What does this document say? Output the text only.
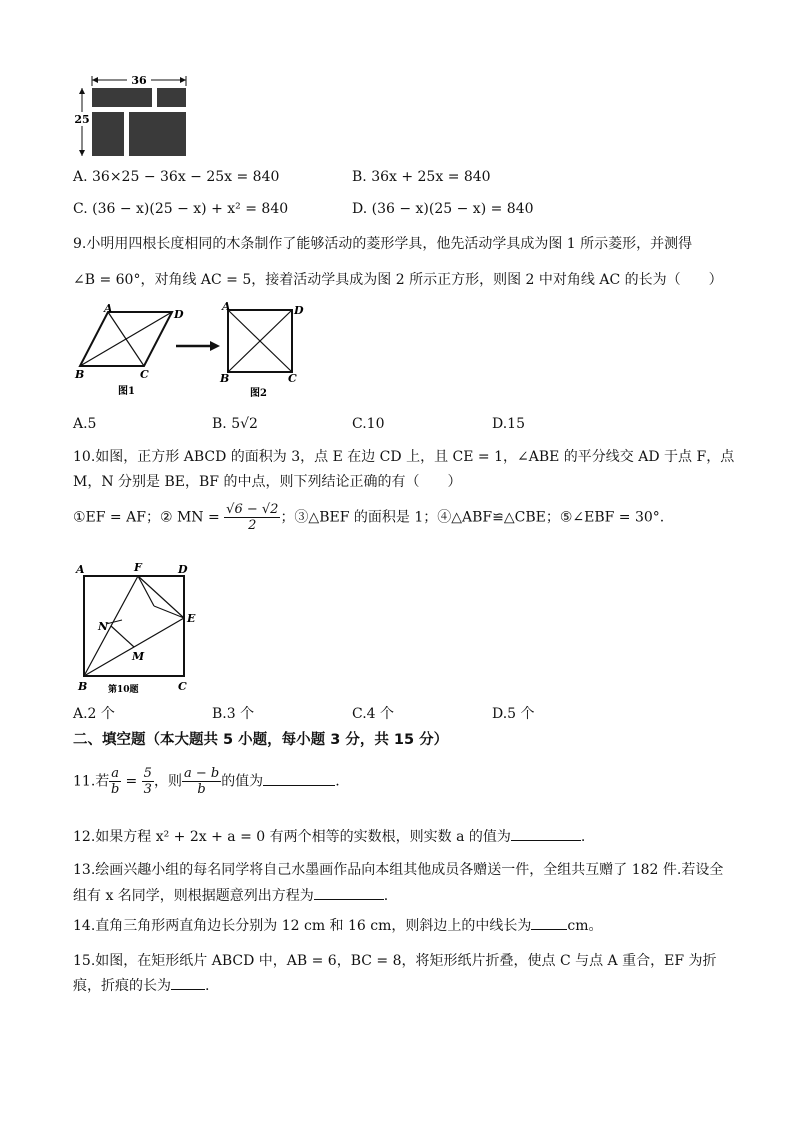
36
25
A. 36×25 − 36x − 25x = 840	B. 36x + 25x = 840
C. (36 − x)(25 − x) + x² = 840	D. (36 − x)(25 − x) = 840
9.小明用四根长度相同的木条制作了能够活动的菱形学具，他先活动学具成为图 1 所示菱形，并测得
∠B = 60°，对角线 AC = 5，接着活动学具成为图 2 所示正方形，则图 2 中对角线 AC 的长为（　　）
A	D
B	C
图1
A	D
B	C
图2
A.5	B. 5√2	C.10	D.15
10.如图，正方形 ABCD 的面积为 3，点 E 在边 CD 上，且 CE = 1，∠ABE 的平分线交 AD 于点 F，点
M，N 分别是 BE，BF 的中点，则下列结论正确的有（　　）
①EF = AF；② MN = $\frac{√6 - √2}{2}$ ；③△BEF 的面积是 1；④△ABF≌△CBE；⑤∠EBF = 30°.
A	F	D
E
N
M
B	C
第10题
A.2 个	B.3 个	C.4 个	D.5 个
二、填空题（本大题共 5 小题，每小题 3 分，共 15 分）
11.若 $\frac{a}{b} = \frac{5}{3}$ ，则 $\frac{a - b}{b}$ 的值为	.
12.如果方程 x² + 2x + a = 0 有两个相等的实数根，则实数 a 的值为	.
13.绘画兴趣小组的每名同学将自己水墨画作品向本组其他成员各赠送一件，全组共互赠了 182 件.若设全
组有 x 名同学，则根据题意列出方程为	.
14.直角三角形两直角边长分别为 12 cm 和 16 cm，则斜边上的中线长为	cm。
15.如图，在矩形纸片 ABCD 中，AB = 6，BC = 8，将矩形纸片折叠，使点 C 与点 A 重合，EF 为折
痕，折痕的长为 .
